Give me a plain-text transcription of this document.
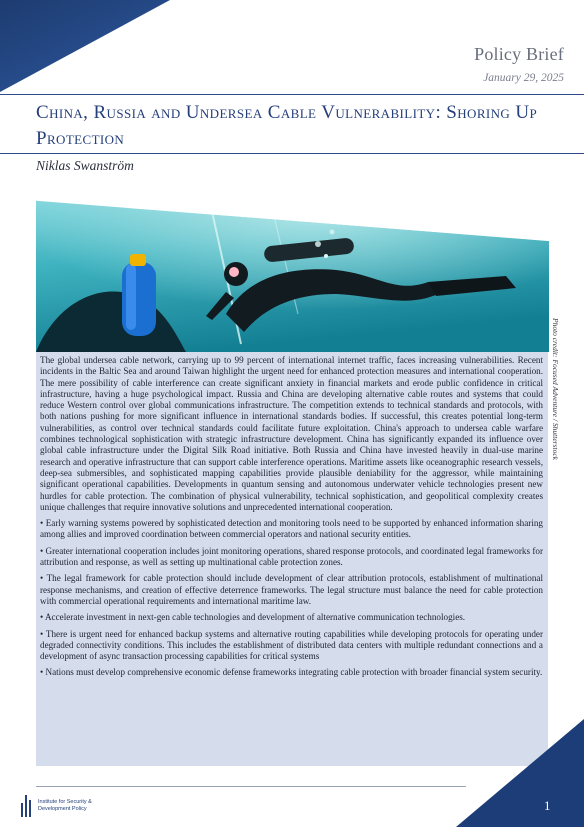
Policy Brief
January 29, 2025
China, Russia and Undersea Cable Vulnerability: Shoring Up Protection
Niklas Swanström
Photo credit: Focused Adventure / Shutterstock

The global undersea cable network, carrying up to 99 percent of international internet traffic, faces increasing vulnerabilities. Recent incidents in the Baltic Sea and around Taiwan highlight the urgent need for enhanced protection measures and international cooperation. The mere possibility of cable interference can create significant anxiety in financial markets and erode public confidence in critical infrastructure, having a huge psychological impact. Russia and China are developing alternative cable routes and systems that could reduce Western control over global communications infrastructure. The competition extends to technical standards and protocols, with both nations pushing for more significant influence in international standards bodies. If successful, this creates potential long-term vulnerabilities, as control over technical standards could facilitate future exploitation. China's approach to undersea cable warfare combines technological sophistication with strategic infrastructure development. China has significantly expanded its influence over global cable infrastructure under the Digital Silk Road initiative. Both Russia and China have invested heavily in dual-use marine research and operative infrastructure that can support cable interference operations. Maritime assets like oceanographic research vessels, deep-sea submersibles, and sophisticated mapping capabilities provide plausible deniability for the aggressor, while maintaining significant operational capabilities. Developments in quantum sensing and autonomous underwater vehicle technologies present new hurdles for cable protection. The combination of physical vulnerability, technical sophistication, and geopolitical complexity creates unique challenges that require innovative solutions and unprecedented international cooperation.

• Early warning systems powered by sophisticated detection and monitoring tools need to be supported by enhanced information sharing among allies and improved coordination between commercial operators and national security entities.

• Greater international cooperation includes joint monitoring operations, shared response protocols, and coordinated legal frameworks for attribution and response, as well as setting up multinational cable protection zones.

• The legal framework for cable protection should include development of clear attribution protocols, establishment of multinational response mechanisms, and creation of effective deterrence frameworks. The legal structure must balance the need for cable protection with commercial operational requirements and international maritime law.

• Accelerate investment in next-gen cable technologies and development of alternative communication technologies.

• There is urgent need for enhanced backup systems and alternative routing capabilities while developing protocols for operating under degraded connectivity conditions. This includes the establishment of distributed data centers with multiple redundant connections and a development of async transaction processing capabilities for critical systems

• Nations must develop comprehensive economic defense frameworks integrating cable protection with broader financial system security.

Institute for Security &
Development Policy	1
